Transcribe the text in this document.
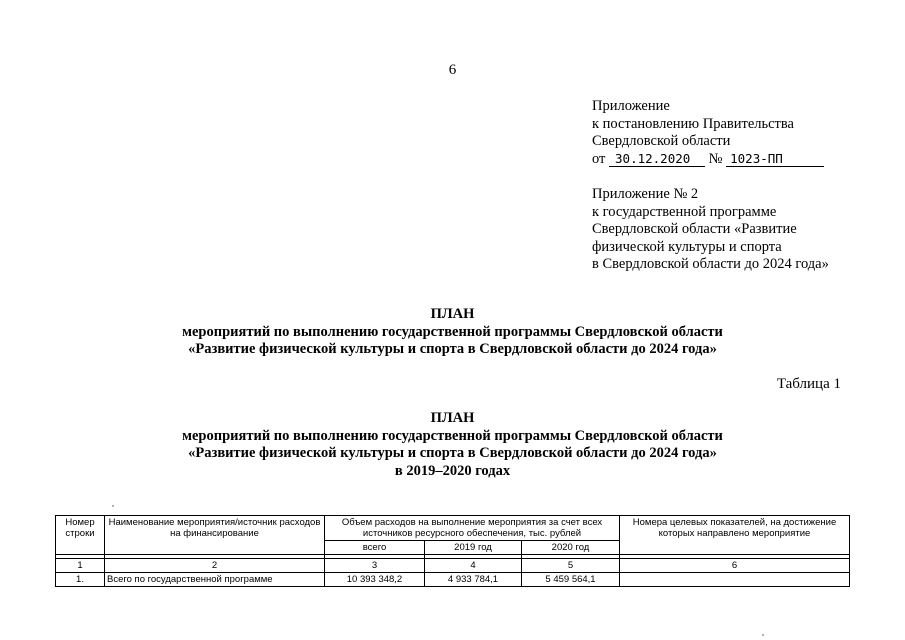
6
Приложение
к постановлению Правительства
Свердловской области
от 30.12.2020 № 1023-ПП
Приложение № 2
к государственной программе
Свердловской области «Развитие
физической культуры и спорта
в Свердловской области до 2024 года»
ПЛАН
мероприятий по выполнению государственной программы Свердловской области
«Развитие физической культуры и спорта в Свердловской области до 2024 года»
Таблица 1
ПЛАН
мероприятий по выполнению государственной программы Свердловской области
«Развитие физической культуры и спорта в Свердловской области до 2024 года»
в 2019–2020 годах
Номер строки	Наименование мероприятия/источник расходов на финансирование	Объем расходов на выполнение мероприятия за счет всех источников ресурсного обеспечения, тыс. рублей			Номера целевых показателей, на достижение которых направлено мероприятие
		всего	2019 год	2020 год	

1	2	3	4	5	6
1.	Всего по государственной программе	10 393 348,2	4 933 784,1	5 459 564,1	
